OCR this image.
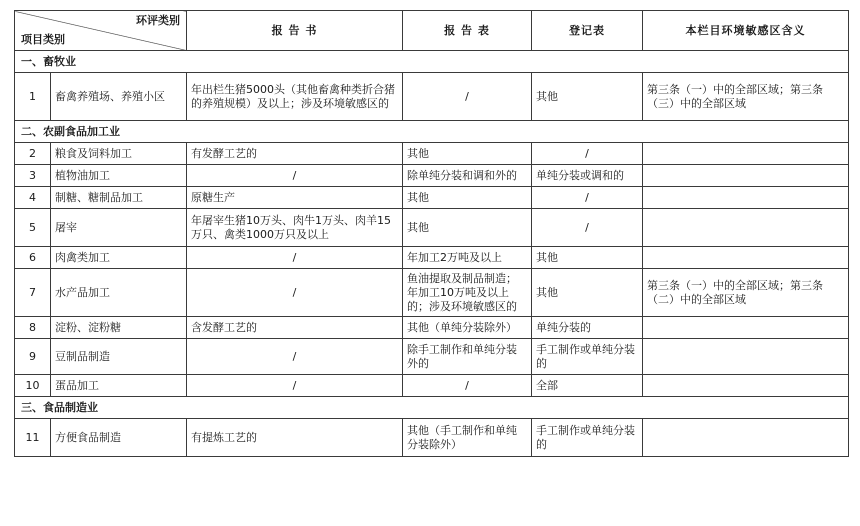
环评类别
项目类别		报 告 书	报 告 表	登记表	本栏目环境敏感区含义
一、畜牧业					
1	畜禽养殖场、养殖小区	年出栏生猪5000头（其他畜禽种类折合猪的养殖规模）及以上；涉及环境敏感区的	/	其他	第三条（一）中的全部区域；第三条（三）中的全部区域
二、农副食品加工业					
2	粮食及饲料加工	有发酵工艺的	其他	/	
3	植物油加工	/	除单纯分装和调和外的	单纯分装或调和的	
4	制糖、糖制品加工	原糖生产	其他	/	
5	屠宰	年屠宰生猪10万头、肉牛1万头、肉羊15万只、禽类1000万只及以上	其他	/	
6	肉禽类加工	/	年加工2万吨及以上	其他	
7	水产品加工	/	鱼油提取及制品制造；年加工10万吨及以上的；涉及环境敏感区的	其他	第三条（一）中的全部区域；第三条（二）中的全部区域
8	淀粉、淀粉糖	含发酵工艺的	其他（单纯分装除外）	单纯分装的	
9	豆制品制造	/	除手工制作和单纯分装外的	手工制作或单纯分装的	
10	蛋品加工	/	/	全部	
三、食品制造业					
11	方便食品制造	有提炼工艺的	其他（手工制作和单纯分装除外）	手工制作或单纯分装的	
